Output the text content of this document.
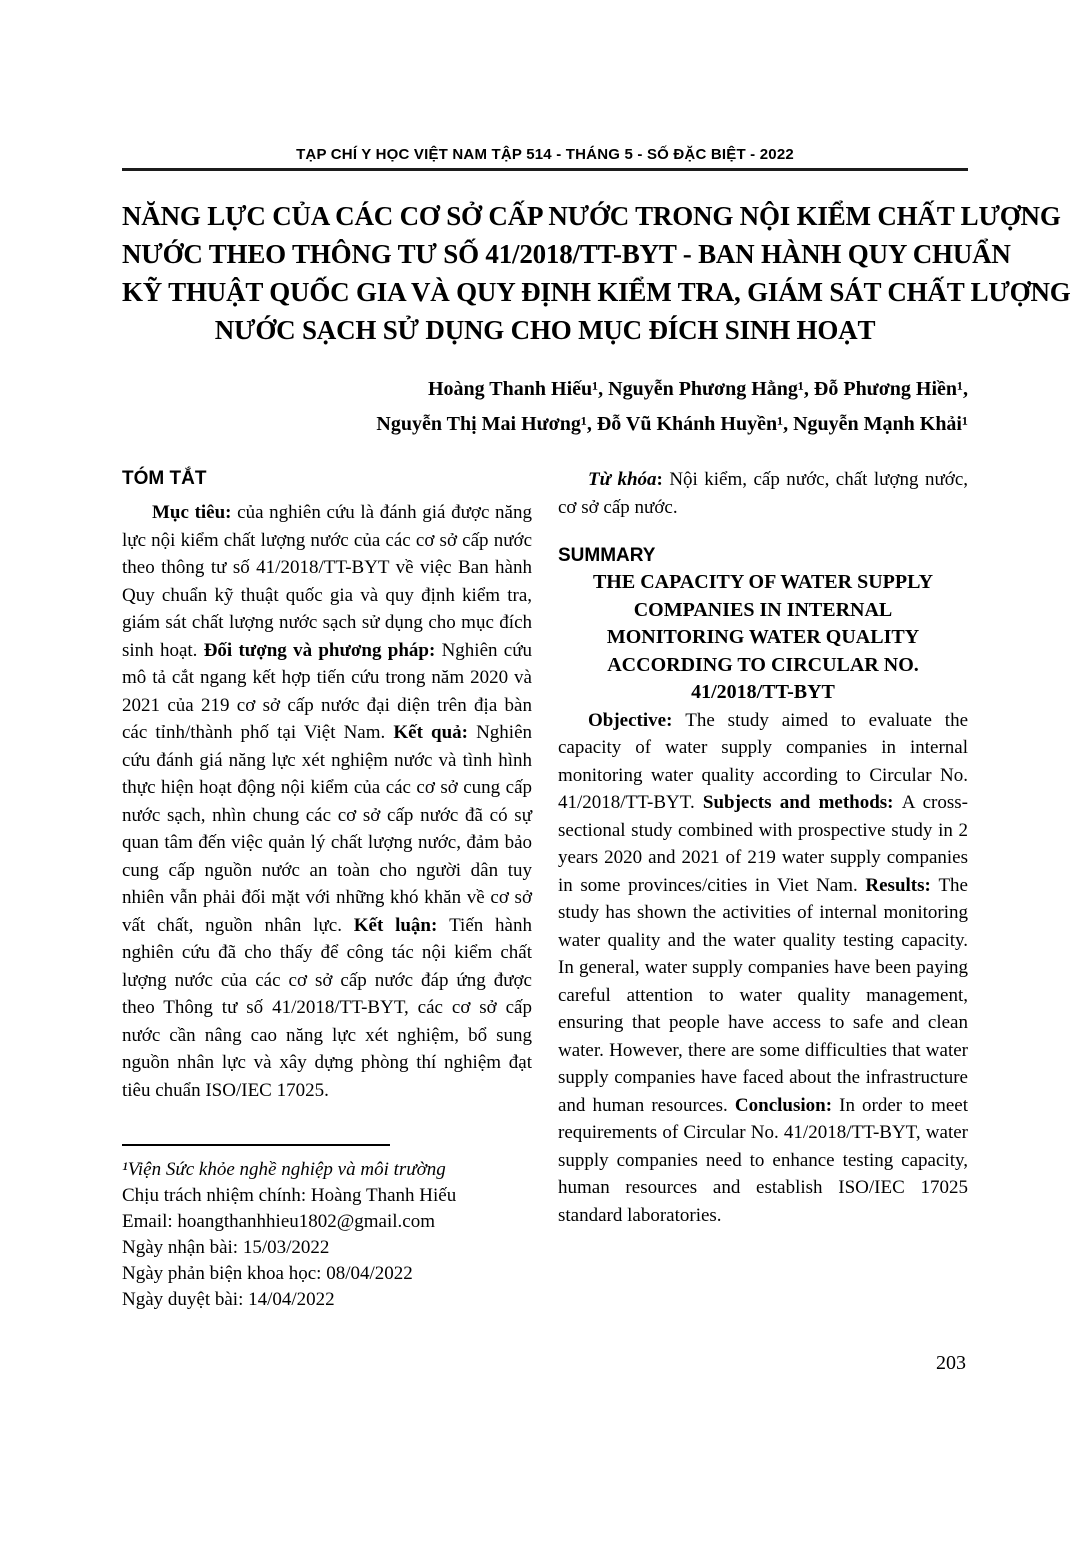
TẠP CHÍ Y HỌC VIỆT NAM TẬP 514 - THÁNG 5 - SỐ ĐẶC BIỆT - 2022
NĂNG LỰC CỦA CÁC CƠ SỞ CẤP NƯỚC TRONG NỘI KIỂM CHẤT LƯỢNG
NƯỚC THEO THÔNG TƯ SỐ 41/2018/TT-BYT - BAN HÀNH QUY CHUẨN
KỸ THUẬT QUỐC GIA VÀ QUY ĐỊNH KIỂM TRA, GIÁM SÁT CHẤT LƯỢNG
NƯỚC SẠCH SỬ DỤNG CHO MỤC ĐÍCH SINH HOẠT
Hoàng Thanh Hiếu¹, Nguyễn Phương Hằng¹, Đỗ Phương Hiền¹,
Nguyễn Thị Mai Hương¹, Đỗ Vũ Khánh Huyền¹, Nguyễn Mạnh Khải¹
TÓM TẮT

Mục tiêu: của nghiên cứu là đánh giá được năng lực nội kiểm chất lượng nước của các cơ sở cấp nước theo thông tư số 41/2018/TT-BYT về việc Ban hành Quy chuẩn kỹ thuật quốc gia và quy định kiểm tra, giám sát chất lượng nước sạch sử dụng cho mục đích sinh hoạt. Đối tượng và phương pháp: Nghiên cứu mô tả cắt ngang kết hợp tiến cứu trong năm 2020 và 2021 của 219 cơ sở cấp nước đại diện trên địa bàn các tỉnh/thành phố tại Việt Nam. Kết quả: Nghiên cứu đánh giá năng lực xét nghiệm nước và tình hình thực hiện hoạt động nội kiểm của các cơ sở cung cấp nước sạch, nhìn chung các cơ sở cấp nước đã có sự quan tâm đến việc quản lý chất lượng nước, đảm bảo cung cấp nguồn nước an toàn cho người dân tuy nhiên vẫn phải đối mặt với những khó khăn về cơ sở vất chất, nguồn nhân lực. Kết luận: Tiến hành nghiên cứu đã cho thấy để công tác nội kiểm chất lượng nước của các cơ sở cấp nước đáp ứng được theo Thông tư số 41/2018/TT-BYT, các cơ sở cấp nước cần nâng cao năng lực xét nghiệm, bổ sung nguồn nhân lực và xây dựng phòng thí nghiệm đạt tiêu chuẩn ISO/IEC 17025.

¹Viện Sức khỏe nghề nghiệp và môi trường
Chịu trách nhiệm chính: Hoàng Thanh Hiếu
Email: hoangthanhhieu1802@gmail.com
Ngày nhận bài: 15/03/2022
Ngày phản biện khoa học: 08/04/2022
Ngày duyệt bài: 14/04/2022

Từ khóa: Nội kiểm, cấp nước, chất lượng nước, cơ sở cấp nước.

SUMMARY
THE CAPACITY OF WATER SUPPLY
COMPANIES IN INTERNAL
MONITORING WATER QUALITY
ACCORDING TO CIRCULAR NO.
41/2018/TT-BYT

Objective: The study aimed to evaluate the capacity of water supply companies in internal monitoring water quality according to Circular No. 41/2018/TT-BYT. Subjects and methods: A cross-sectional study combined with prospective study in 2 years 2020 and 2021 of 219 water supply companies in some provinces/cities in Viet Nam. Results: The study has shown the activities of internal monitoring water quality and the water quality testing capacity. In general, water supply companies have been paying careful attention to water quality management, ensuring that people have access to safe and clean water. However, there are some difficulties that water supply companies have faced about the infrastructure and human resources. Conclusion: In order to meet requirements of Circular No. 41/2018/TT-BYT, water supply companies need to enhance testing capacity, human resources and establish ISO/IEC 17025 standard laboratories.

203
